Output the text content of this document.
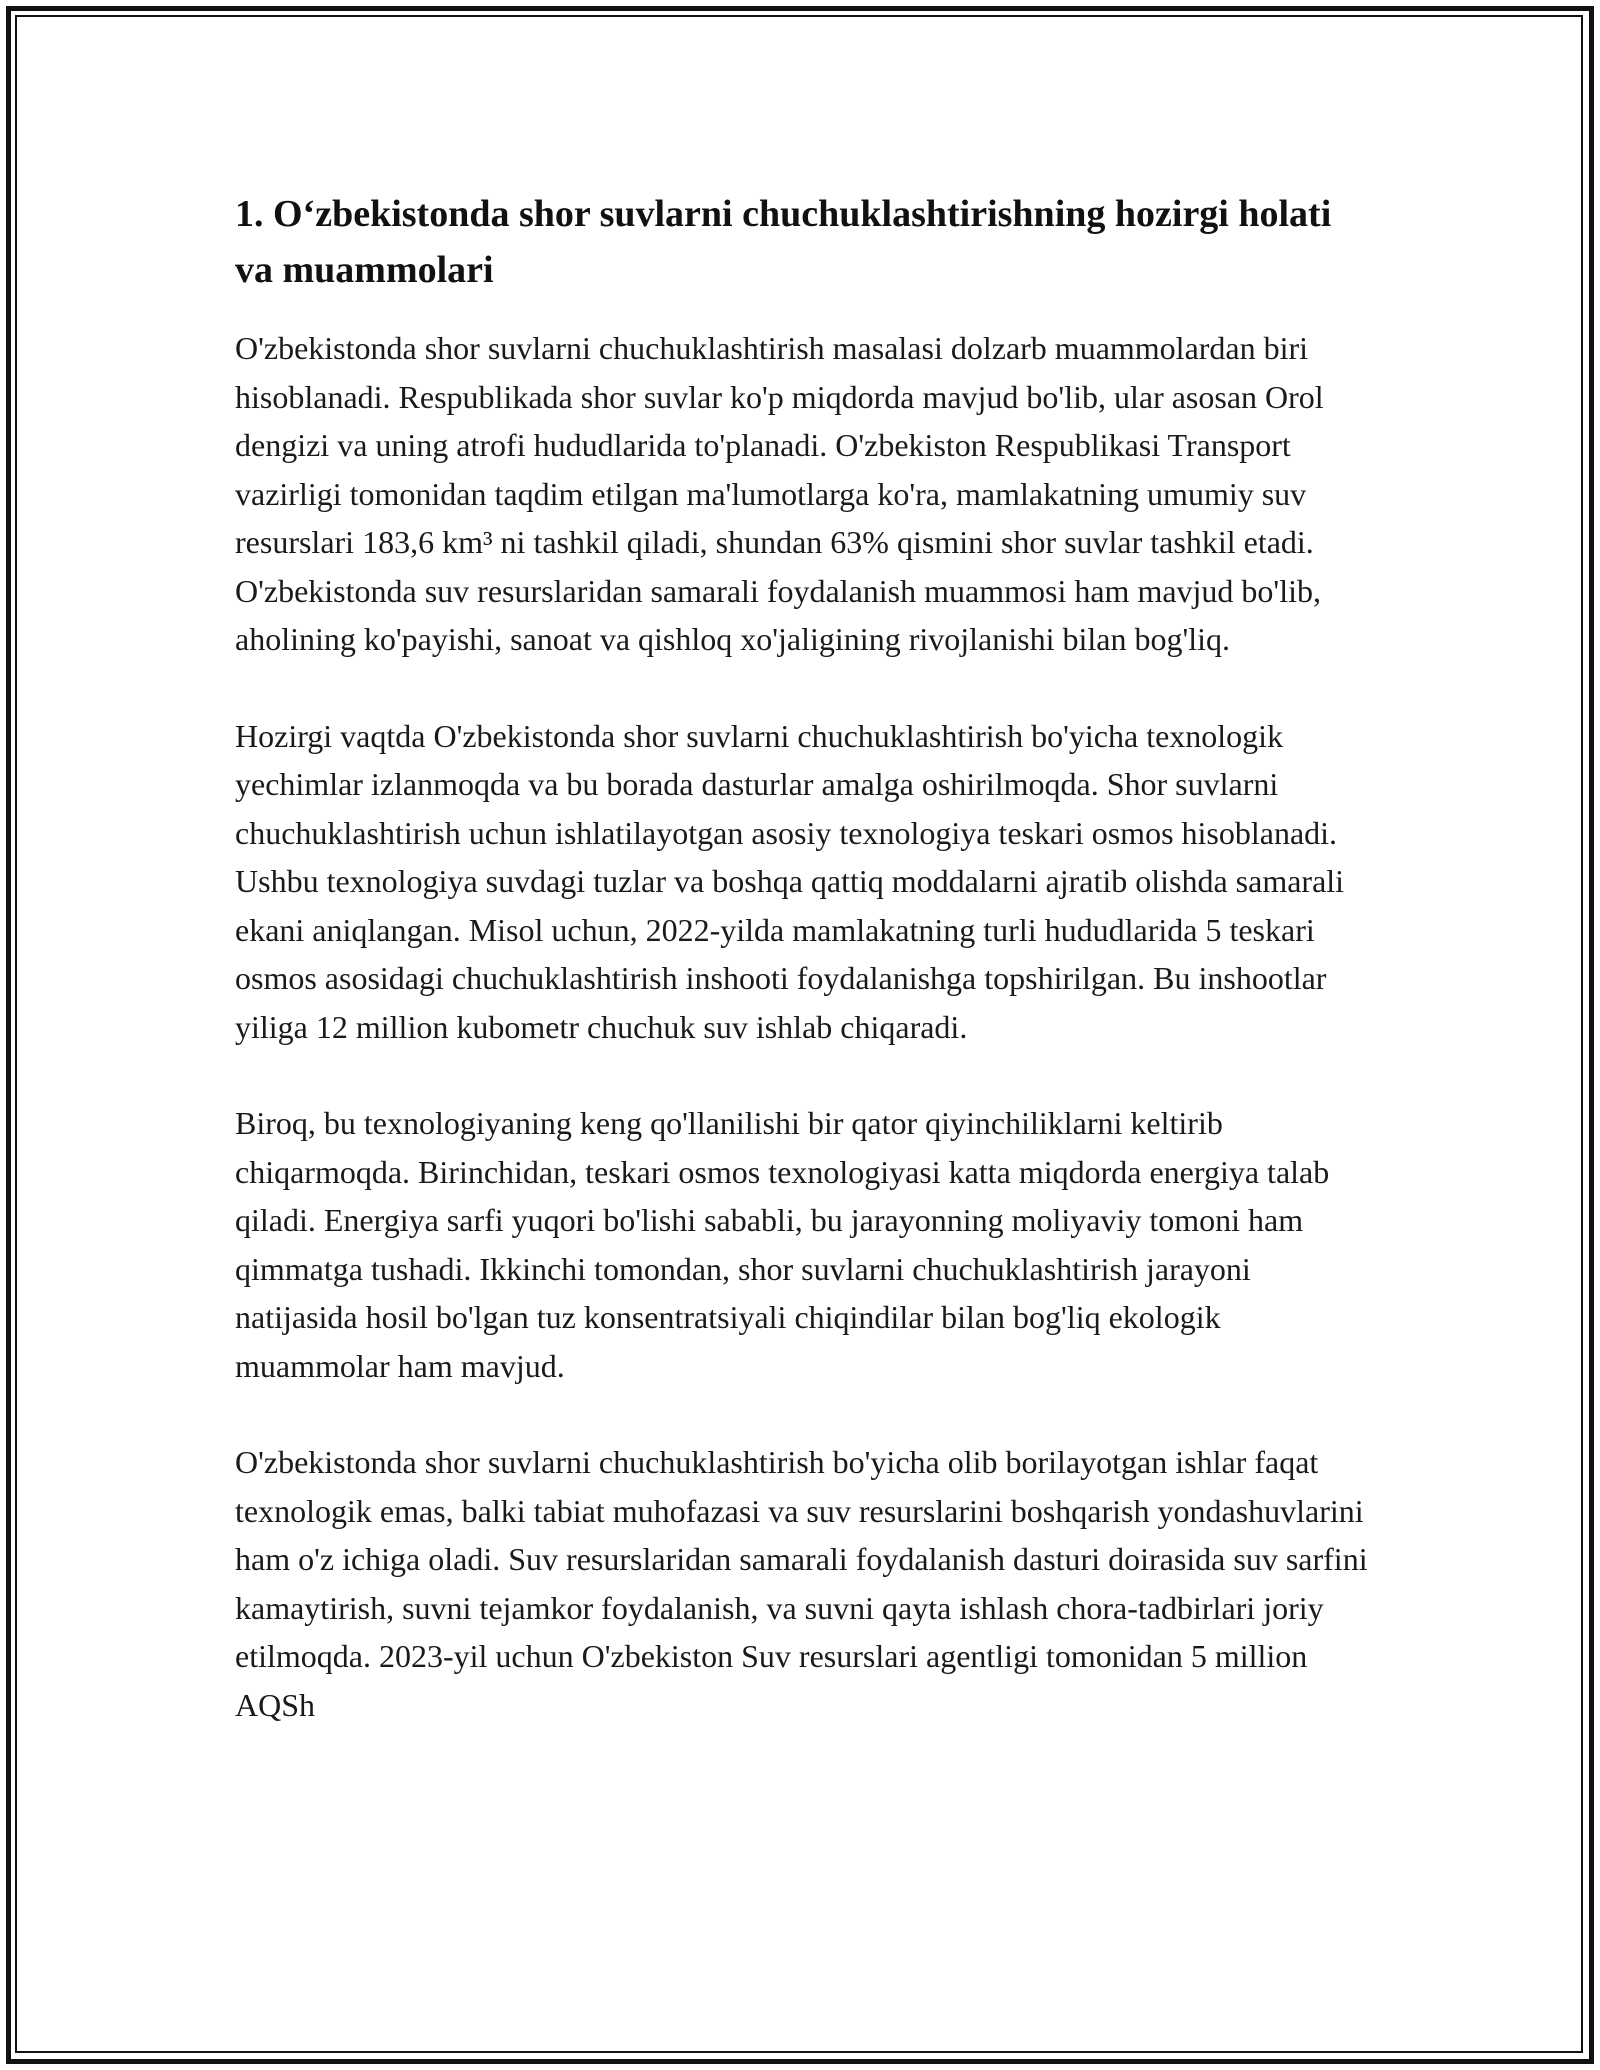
1. O‘zbekistonda shor suvlarni chuchuklashtirishning hozirgi holati va muammolari

O'zbekistonda shor suvlarni chuchuklashtirish masalasi dolzarb muammolardan biri hisoblanadi. Respublikada shor suvlar ko'p miqdorda mavjud bo'lib, ular asosan Orol dengizi va uning atrofi hududlarida to'planadi. O'zbekiston Respublikasi Transport vazirligi tomonidan taqdim etilgan ma'lumotlarga ko'ra, mamlakatning umumiy suv resurslari 183,6 km³ ni tashkil qiladi, shundan 63% qismini shor suvlar tashkil etadi. O'zbekistonda suv resurslaridan samarali foydalanish muammosi ham mavjud bo'lib, aholining ko'payishi, sanoat va qishloq xo'jaligining rivojlanishi bilan bog'liq.

Hozirgi vaqtda O'zbekistonda shor suvlarni chuchuklashtirish bo'yicha texnologik yechimlar izlanmoqda va bu borada dasturlar amalga oshirilmoqda. Shor suvlarni chuchuklashtirish uchun ishlatilayotgan asosiy texnologiya teskari osmos hisoblanadi. Ushbu texnologiya suvdagi tuzlar va boshqa qattiq moddalarni ajratib olishda samarali ekani aniqlangan. Misol uchun, 2022-yilda mamlakatning turli hududlarida 5 teskari osmos asosidagi chuchuklashtirish inshooti foydalanishga topshirilgan. Bu inshootlar yiliga 12 million kubometr chuchuk suv ishlab chiqaradi.

Biroq, bu texnologiyaning keng qo'llanilishi bir qator qiyinchiliklarni keltirib chiqarmoqda. Birinchidan, teskari osmos texnologiyasi katta miqdorda energiya talab qiladi. Energiya sarfi yuqori bo'lishi sababli, bu jarayonning moliyaviy tomoni ham qimmatga tushadi. Ikkinchi tomondan, shor suvlarni chuchuklashtirish jarayoni natijasida hosil bo'lgan tuz konsentratsiyali chiqindilar bilan bog'liq ekologik muammolar ham mavjud.

O'zbekistonda shor suvlarni chuchuklashtirish bo'yicha olib borilayotgan ishlar faqat texnologik emas, balki tabiat muhofazasi va suv resurslarini boshqarish yondashuvlarini ham o'z ichiga oladi. Suv resurslaridan samarali foydalanish dasturi doirasida suv sarfini kamaytirish, suvni tejamkor foydalanish, va suvni qayta ishlash chora-tadbirlari joriy etilmoqda. 2023-yil uchun O'zbekiston Suv resurslari agentligi tomonidan 5 million AQSh
